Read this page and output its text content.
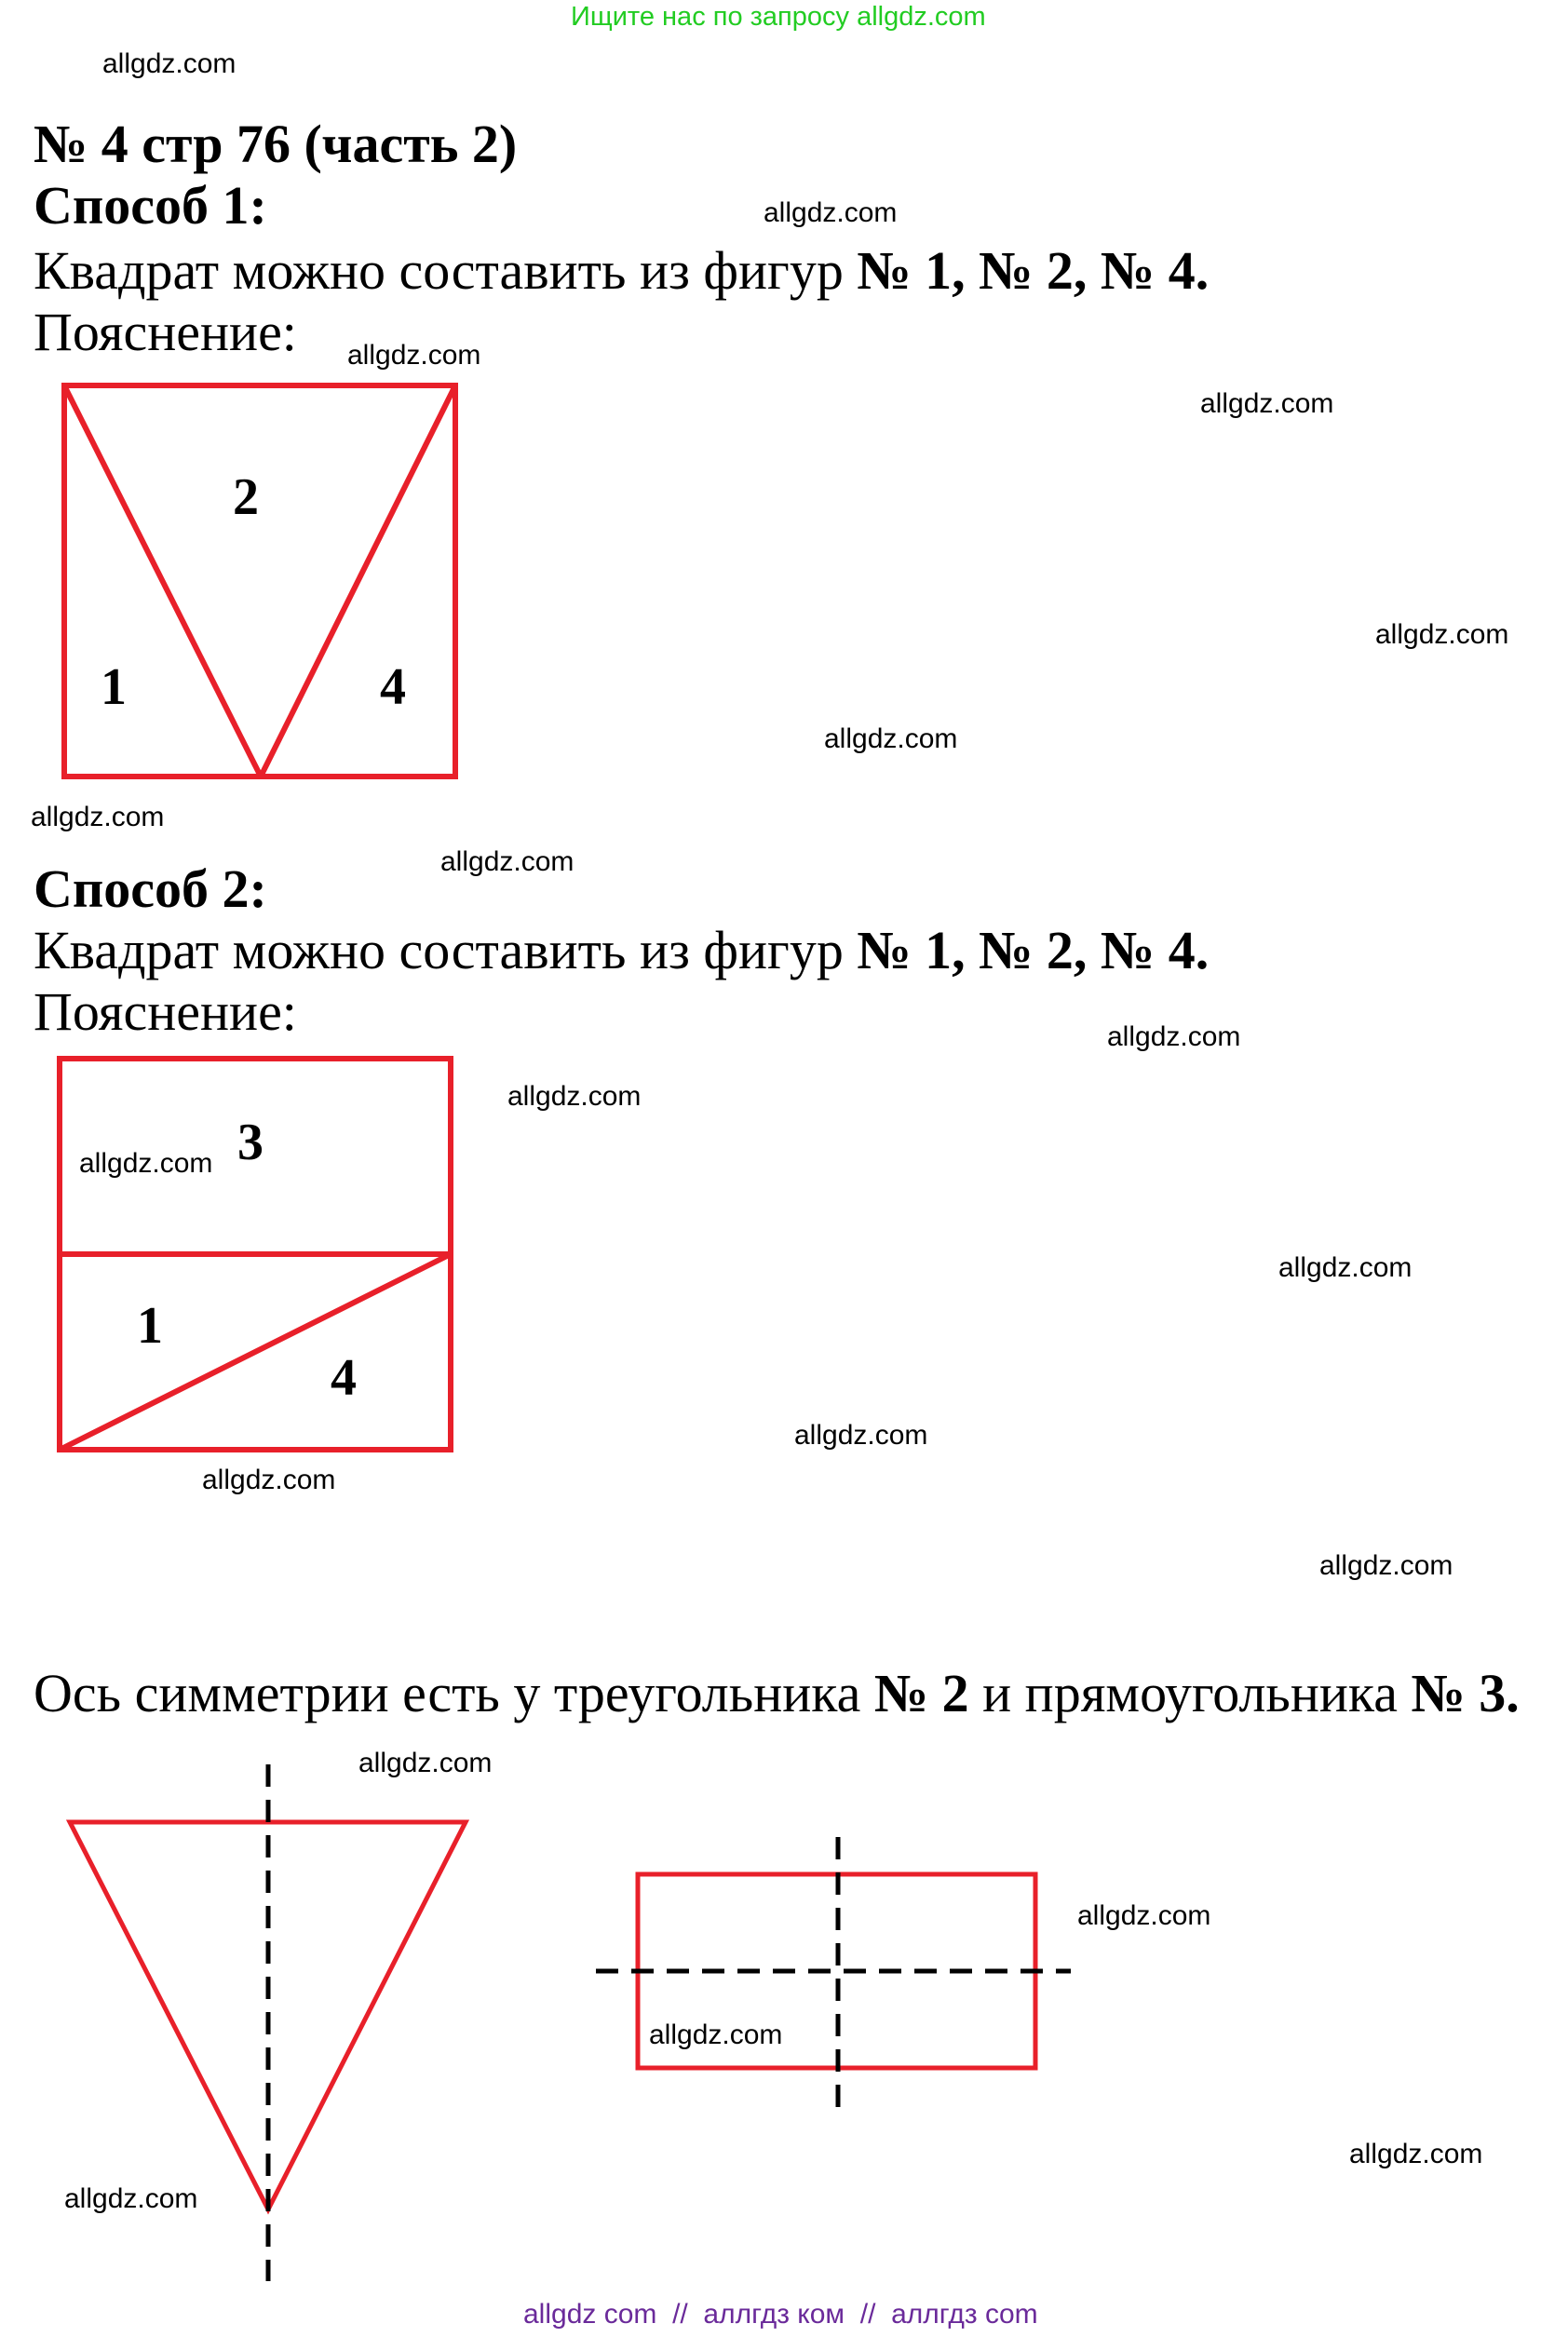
Ищите нас по запросу allgdz.com
allgdz.com
allgdz.com
allgdz.com
allgdz.com
allgdz.com
allgdz.com
allgdz.com
allgdz.com
allgdz.com
allgdz.com
allgdz.com
allgdz.com
allgdz.com
allgdz.com
allgdz.com
allgdz.com
allgdz.com
allgdz.com
allgdz.com
allgdz.com
№ 4 стр 76 (часть 2)
Способ 1:
Квадрат можно составить из фигур № 1, № 2, № 4.
Пояснение:
2
1	4
Способ 2:
Квадрат можно составить из фигур № 1, № 2, № 4.
Пояснение:
3
1
4
Ось симметрии есть у треугольника № 2 и прямоугольника № 3.
allgdz com  //  аллгдз ком  //  аллгдз com
